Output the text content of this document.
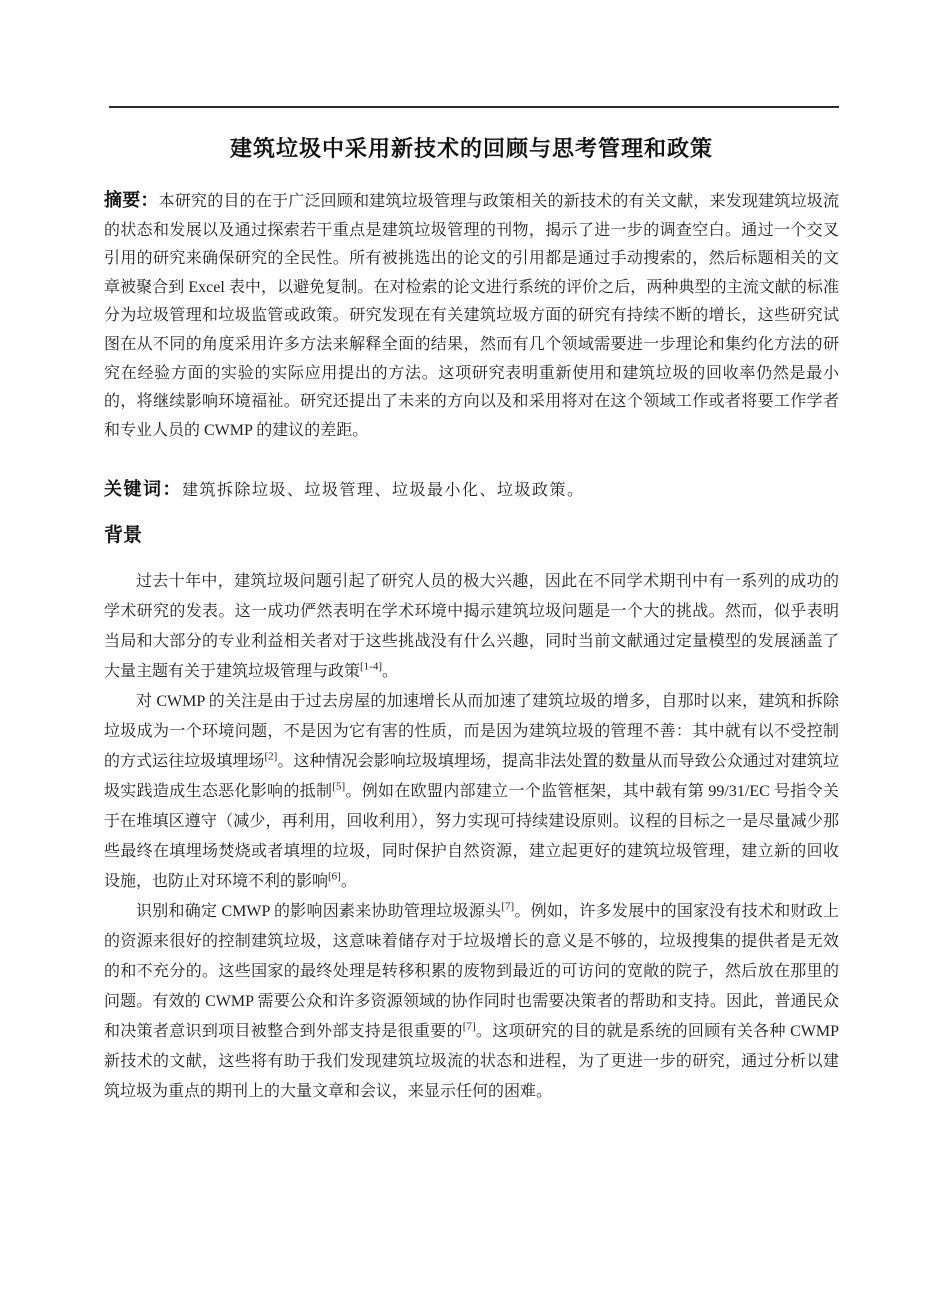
建筑垃圾中采用新技术的回顾与思考管理和政策

摘要：本研究的目的在于广泛回顾和建筑垃圾管理与政策相关的新技术的有关文献，来发现建筑垃圾流的状态和发展以及通过探索若干重点是建筑垃圾管理的刊物，揭示了进一步的调查空白。通过一个交叉引用的研究来确保研究的全民性。所有被挑选出的论文的引用都是通过手动搜索的，然后标题相关的文章被聚合到 Excel 表中，以避免复制。在对检索的论文进行系统的评价之后，两种典型的主流文献的标准分为垃圾管理和垃圾监管或政策。研究发现在有关建筑垃圾方面的研究有持续不断的增长，这些研究试图在从不同的角度采用许多方法来解释全面的结果，然而有几个领域需要进一步理论和集约化方法的研究在经验方面的实验的实际应用提出的方法。这项研究表明重新使用和建筑垃圾的回收率仍然是最小的，将继续影响环境福祉。研究还提出了未来的方向以及和采用将对在这个领域工作或者将要工作学者和专业人员的 CWMP 的建议的差距。

关键词：建筑拆除垃圾、垃圾管理、垃圾最小化、垃圾政策。

背景

过去十年中，建筑垃圾问题引起了研究人员的极大兴趣，因此在不同学术期刊中有一系列的成功的学术研究的发表。这一成功俨然表明在学术环境中揭示建筑垃圾问题是一个大的挑战。然而，似乎表明当局和大部分的专业利益相关者对于这些挑战没有什么兴趣，同时当前文献通过定量模型的发展涵盖了大量主题有关于建筑垃圾管理与政策[1-4]。

对 CWMP 的关注是由于过去房屋的加速增长从而加速了建筑垃圾的增多，自那时以来，建筑和拆除垃圾成为一个环境问题，不是因为它有害的性质，而是因为建筑垃圾的管理不善：其中就有以不受控制的方式运往垃圾填埋场[2]。这种情况会影响垃圾填埋场，提高非法处置的数量从而导致公众通过对建筑垃圾实践造成生态恶化影响的抵制[5]。例如在欧盟内部建立一个监管框架，其中载有第 99/31/EC 号指令关于在堆填区遵守（减少，再利用，回收利用），努力实现可持续建设原则。议程的目标之一是尽量减少那些最终在填埋场焚烧或者填埋的垃圾，同时保护自然资源，建立起更好的建筑垃圾管理，建立新的回收设施，也防止对环境不利的影响[6]。

识别和确定 CMWP 的影响因素来协助管理垃圾源头[7]。例如，许多发展中的国家没有技术和财政上的资源来很好的控制建筑垃圾，这意味着储存对于垃圾增长的意义是不够的，垃圾搜集的提供者是无效的和不充分的。这些国家的最终处理是转移积累的废物到最近的可访问的宽敞的院子，然后放在那里的问题。有效的 CWMP 需要公众和许多资源领域的协作同时也需要决策者的帮助和支持。因此，普通民众和决策者意识到项目被整合到外部支持是很重要的[7]。这项研究的目的就是系统的回顾有关各种 CWMP 新技术的文献，这些将有助于我们发现建筑垃圾流的状态和进程，为了更进一步的研究，通过分析以建筑垃圾为重点的期刊上的大量文章和会议，来显示任何的困难。
